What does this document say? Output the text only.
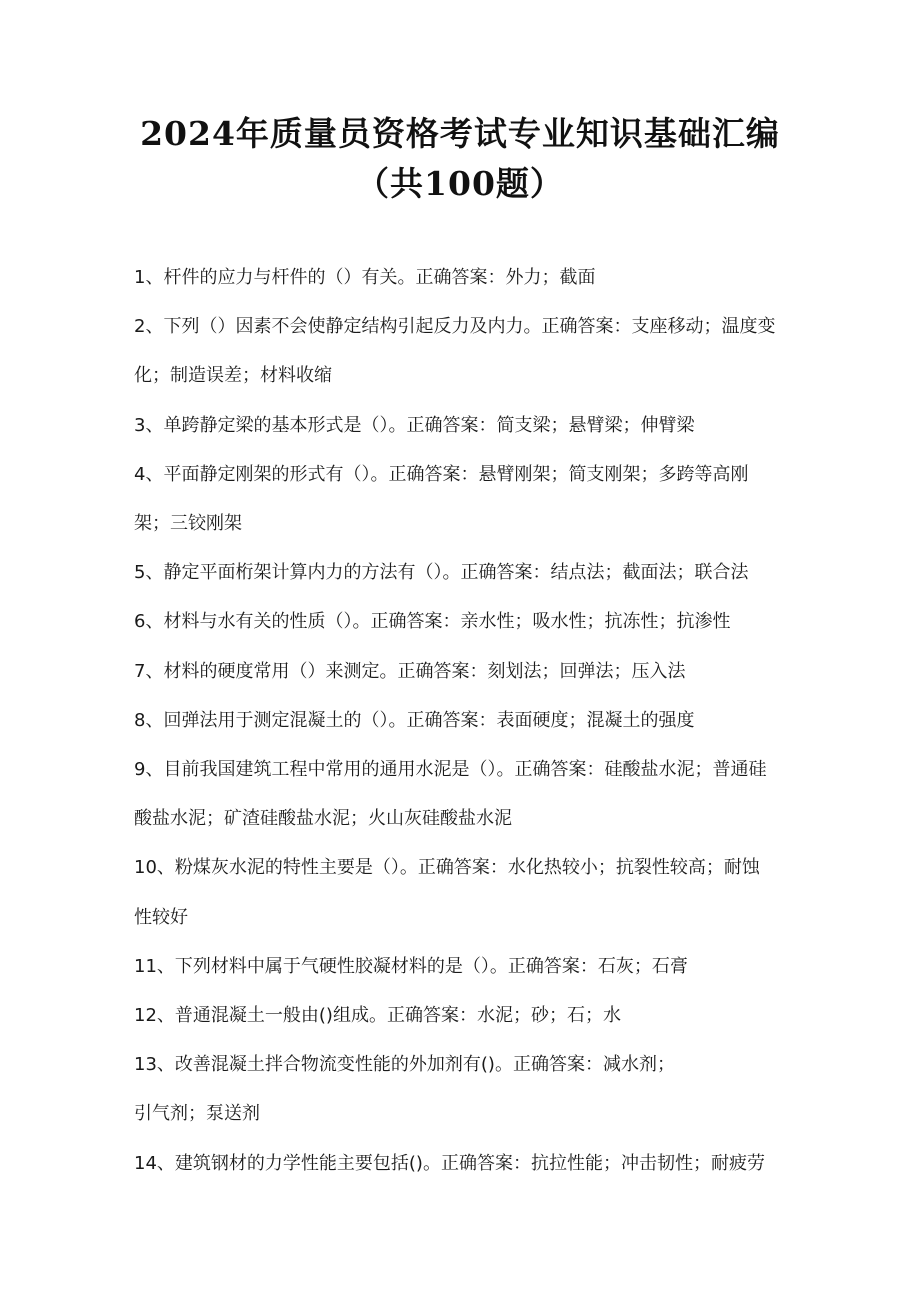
2024年质量员资格考试专业知识基础汇编
（共100题）

1、杆件的应力与杆件的（）有关。正确答案：外力；截面

2、下列（）因素不会使静定结构引起反力及内力。正确答案：支座移动；温度变

化；制造误差；材料收缩

3、单跨静定梁的基本形式是（）。正确答案：简支梁；悬臂梁；伸臂梁

4、平面静定刚架的形式有（）。正确答案：悬臂刚架；简支刚架；多跨等高刚

架；三铰刚架

5、静定平面桁架计算内力的方法有（）。正确答案：结点法；截面法；联合法

6、材料与水有关的性质（）。正确答案：亲水性；吸水性；抗冻性；抗渗性

7、材料的硬度常用（）来测定。正确答案：刻划法；回弹法；压入法

8、回弹法用于测定混凝土的（）。正确答案：表面硬度；混凝土的强度

9、目前我国建筑工程中常用的通用水泥是（）。正确答案：硅酸盐水泥；普通硅

酸盐水泥；矿渣硅酸盐水泥；火山灰硅酸盐水泥

10、粉煤灰水泥的特性主要是（）。正确答案：水化热较小；抗裂性较高；耐蚀

性较好

11、下列材料中属于气硬性胶凝材料的是（）。正确答案：石灰；石膏

12、普通混凝土一般由()组成。正确答案：水泥；砂；石；水

13、改善混凝土拌合物流变性能的外加剂有()。正确答案：减水剂；

引气剂；泵送剂

14、建筑钢材的力学性能主要包括()。正确答案：抗拉性能；冲击韧性；耐疲劳
